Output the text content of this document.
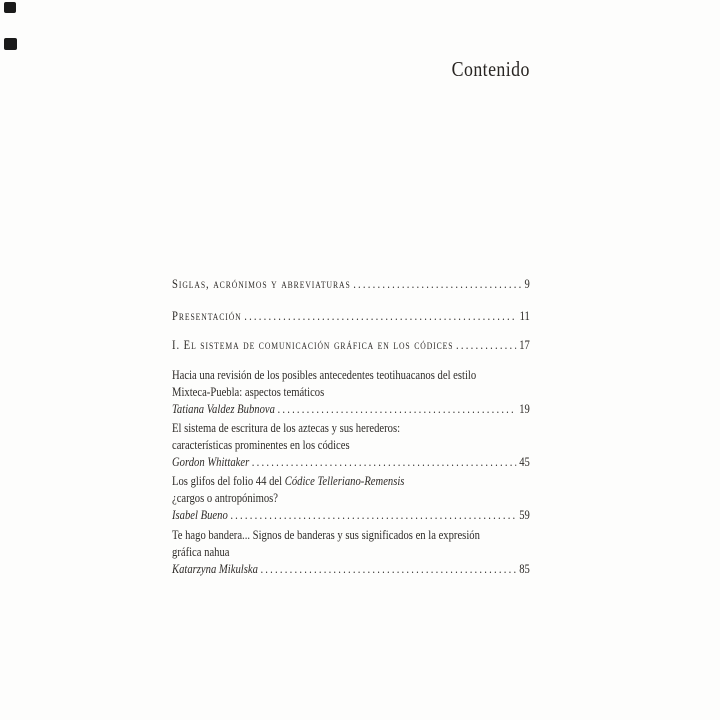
Contenido
Siglas, acrónimos y abreviaturas .....	9
Presentación .....	11
I. El sistema de comunicación gráfica en los códices .....	17
Hacia una revisión de los posibles antecedentes teotihuacanos del estilo
Mixteca-Puebla: aspectos temáticos
Tatiana Valdez Bubnova .....	19
El sistema de escritura de los aztecas y sus herederos:
características prominentes en los códices
Gordon Whittaker .....	45
Los glifos del folio 44 del Códice Telleriano-Remensis
¿cargos o antropónimos?
Isabel Bueno .....	59
Te hago bandera... Signos de banderas y sus significados en la expresión
gráfica nahua
Katarzyna Mikulska .....	85
